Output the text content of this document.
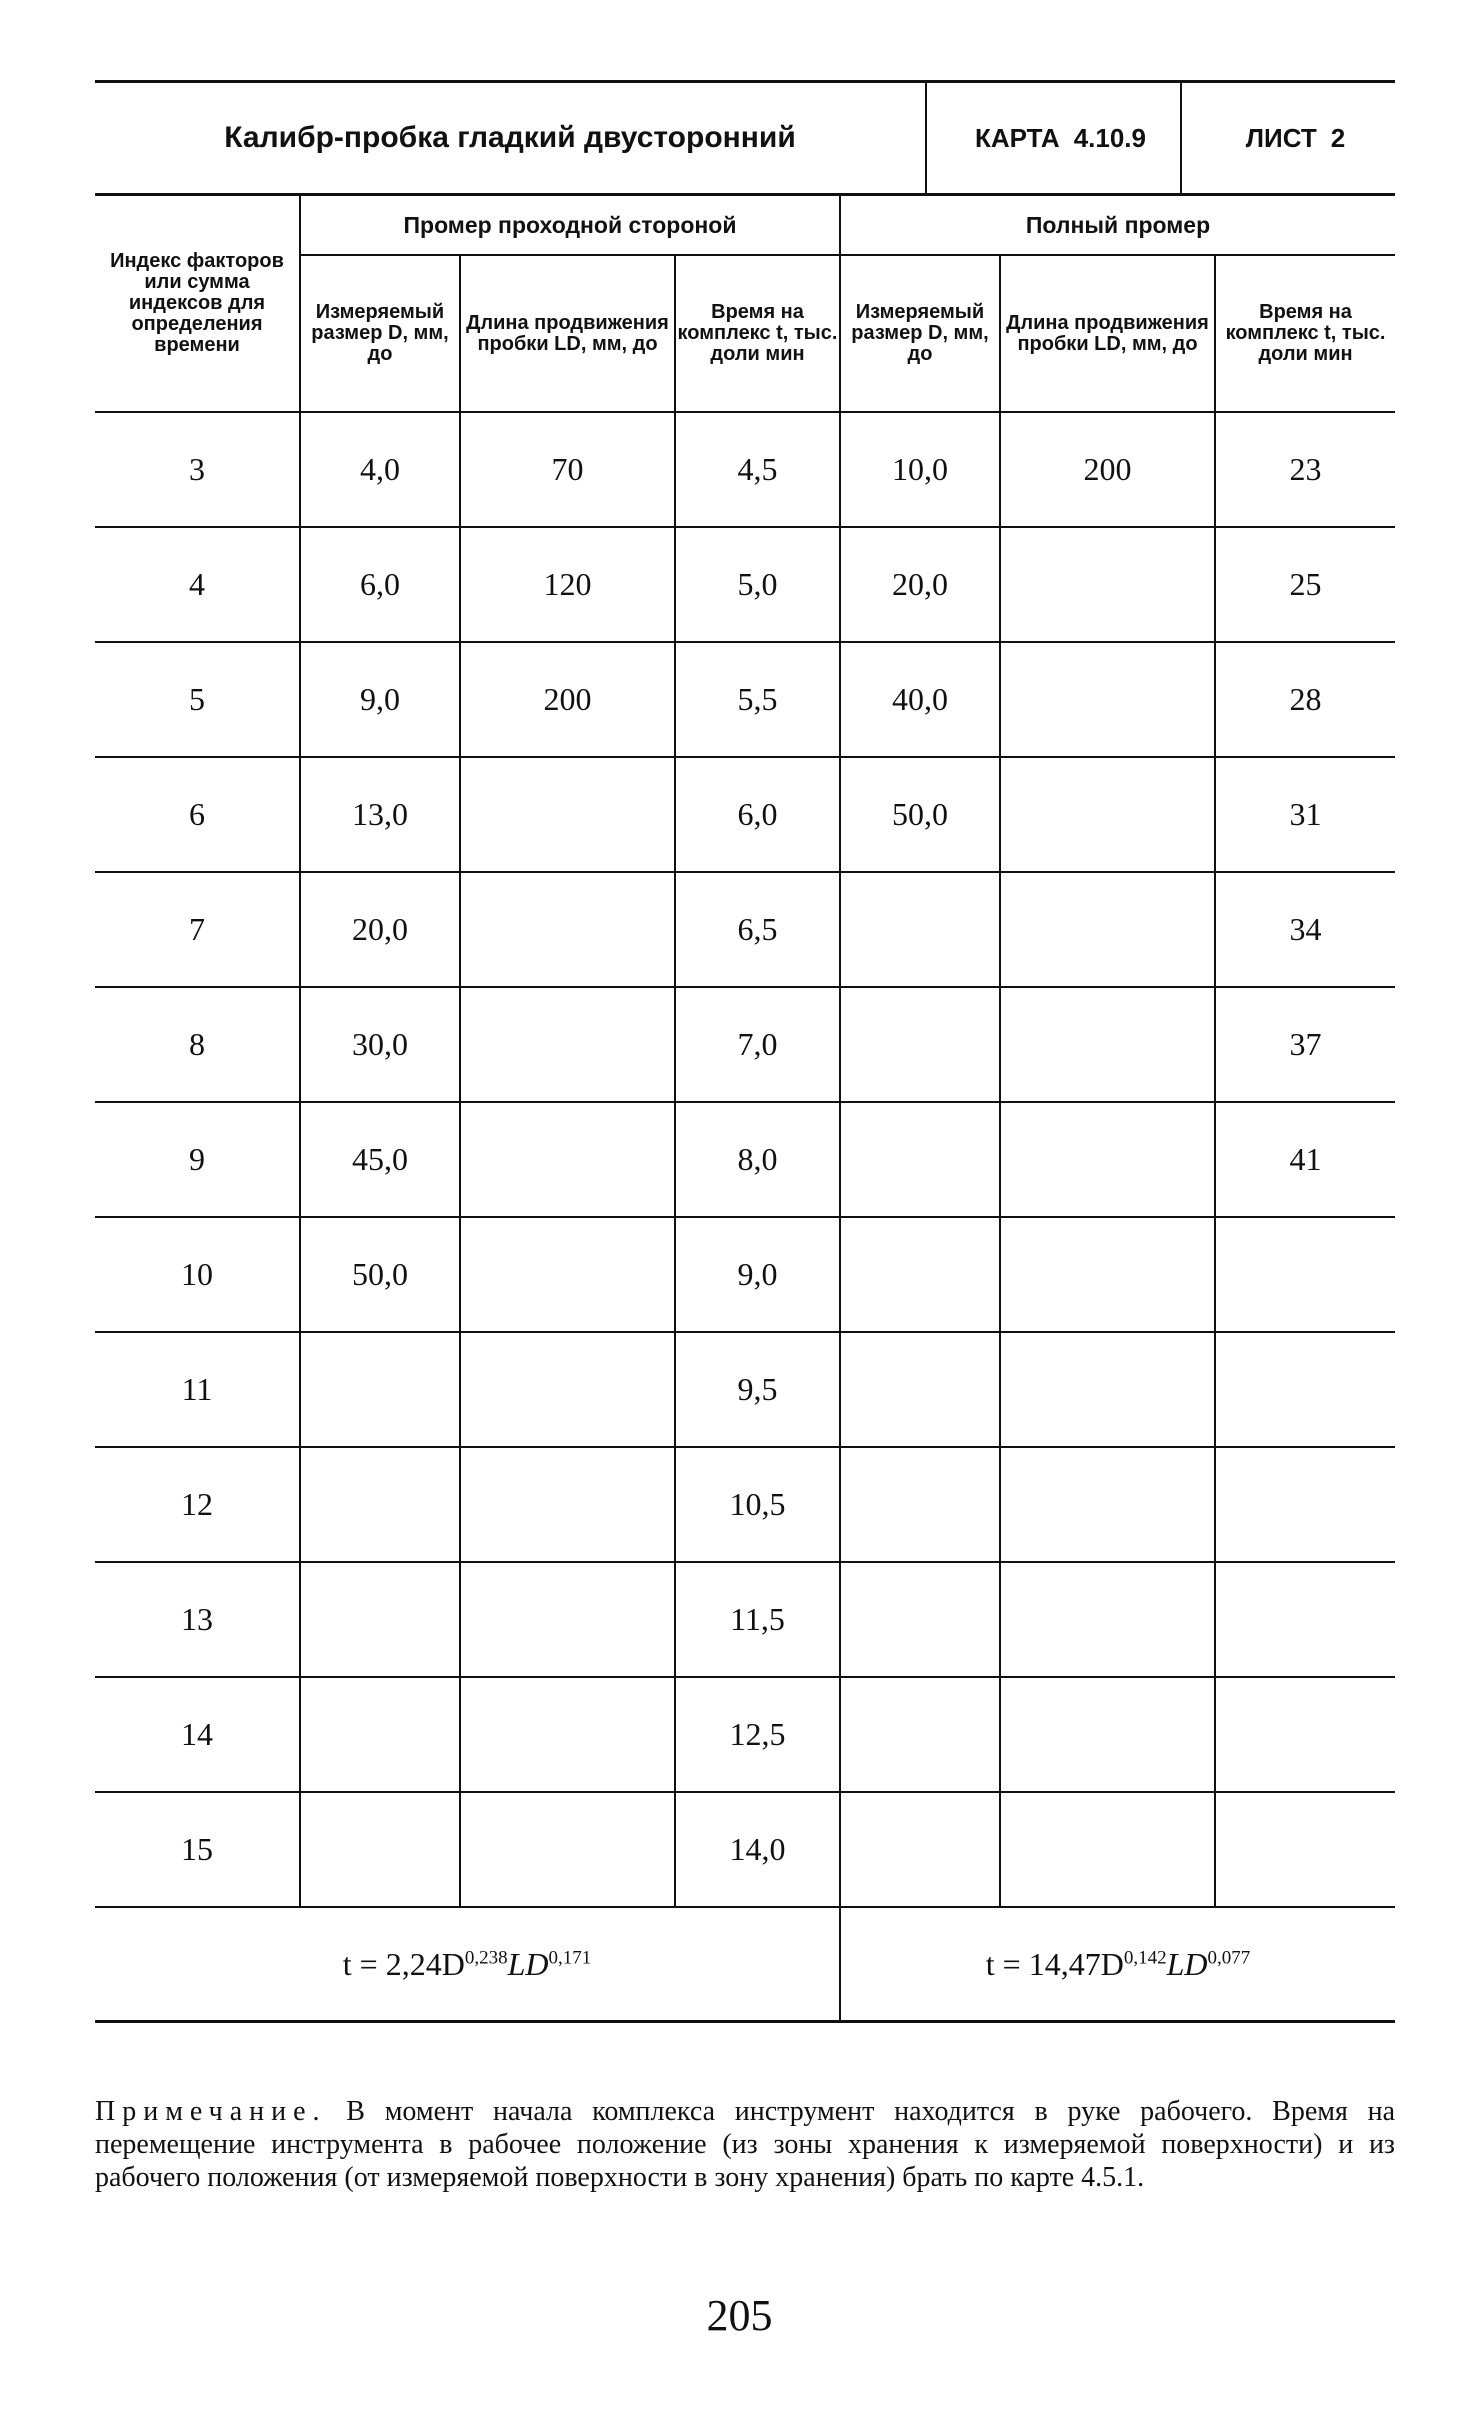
Калибр-пробка гладкий двусторонний	КАРТА 4.10.9	ЛИСТ 2
Индекс факторов или сумма индексов для определения времени	Промер проходной стороной			Полный промер		
	Измеряемый размер D, мм, до	Длина продвижения пробки LD, мм, до	Время на комплекс t, тыс. доли мин	Измеряемый размер D, мм, до	Длина продвижения пробки LD, мм, до	Время на комплекс t, тыс. доли мин
3	4,0	70	4,5	10,0	200	23
4	6,0	120	5,0	20,0		25
5	9,0	200	5,5	40,0		28
6	13,0		6,0	50,0		31
7	20,0		6,5			34
8	30,0		7,0			37
9	45,0		8,0			41
10	50,0		9,0			
11			9,5			
12			10,5			
13			11,5			
14			12,5			
15			14,0			
$t = 2,24D^{0,238}LD^{0,171}$				$t = 14,47D^{0,142}LD^{0,077}$
Примечание. В момент начала комплекса инструмент находится в руке рабочего. Время на перемещение инструмента в рабочее положение (из зоны хранения к измеряемой поверхности) и из рабочего положения (от измеряемой поверхности в зону хранения) брать по карте 4.5.1.
205
